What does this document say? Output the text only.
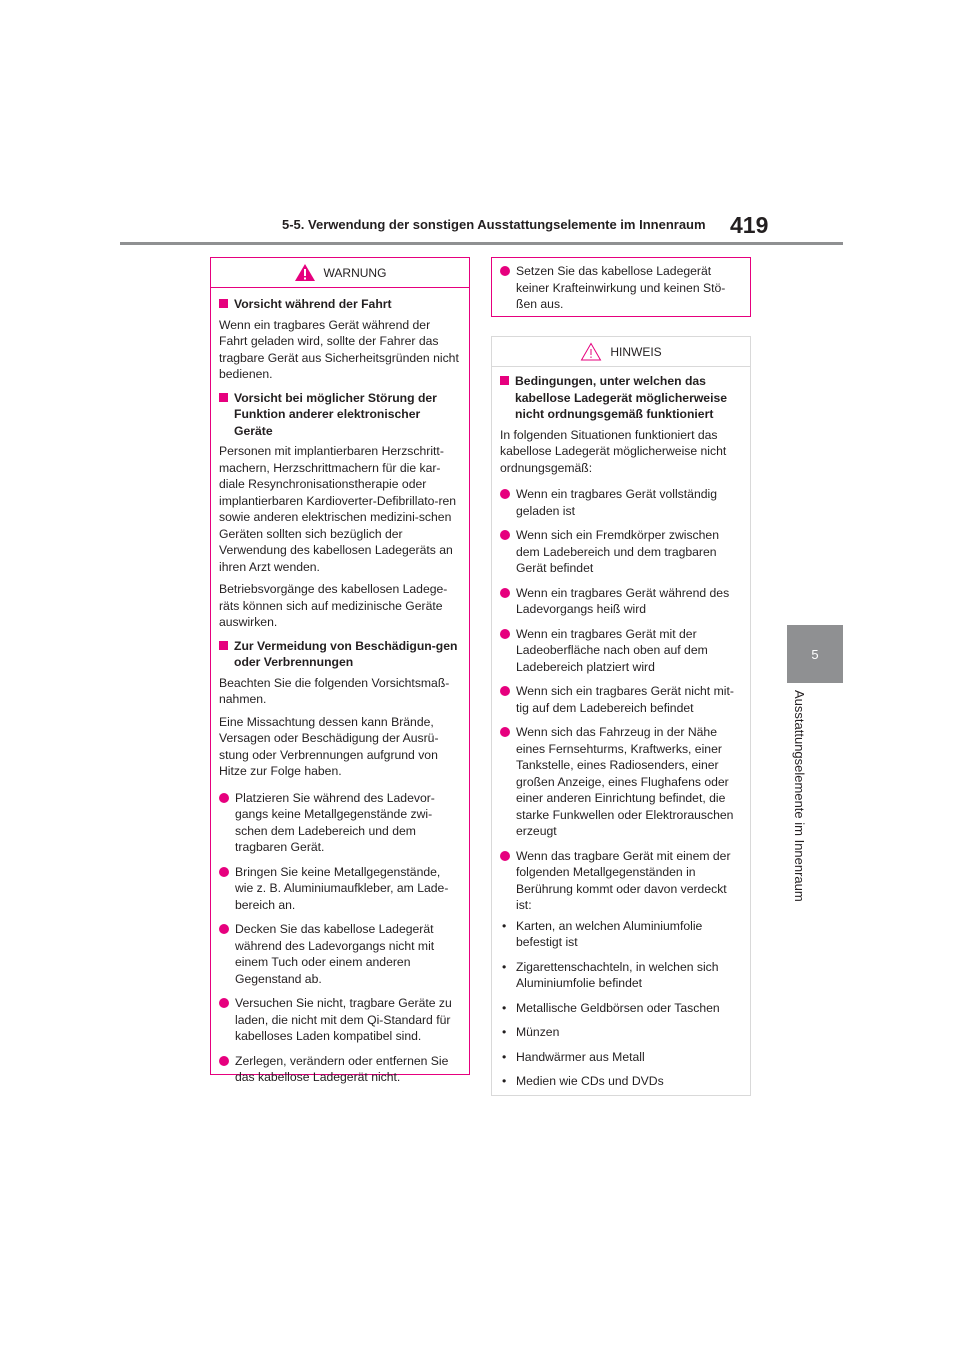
5-5. Verwendung der sonstigen Ausstattungselemente im Innenraum 419
5
Ausstattungselemente im Innenraum
WARNUNG
Vorsicht während der Fahrt
Wenn ein tragbares Gerät während der Fahrt geladen wird, sollte der Fahrer das tragbare Gerät aus Sicherheitsgründen nicht bedienen.
Vorsicht bei möglicher Störung der Funktion anderer elektronischer Geräte
Personen mit implantierbaren Herzschritt-machern, Herzschrittmachern für die kar-diale Resynchronisationstherapie oder implantierbaren Kardioverter-Defibrillato-ren sowie anderen elektrischen medizini-schen Geräten sollten sich bezüglich der Verwendung des kabellosen Ladegeräts an ihren Arzt wenden.
Betriebsvorgänge des kabellosen Ladege-räts können sich auf medizinische Geräte auswirken.
Zur Vermeidung von Beschädigun-gen oder Verbrennungen
Beachten Sie die folgenden Vorsichtsmaß-nahmen.
Eine Missachtung dessen kann Brände, Versagen oder Beschädigung der Ausrü-stung oder Verbrennungen aufgrund von Hitze zur Folge haben.
Platzieren Sie während des Ladevor-gangs keine Metallgegenstände zwi-schen dem Ladebereich und dem tragbaren Gerät.
Bringen Sie keine Metallgegenstände, wie z. B. Aluminiumaufkleber, am Lade-bereich an.
Decken Sie das kabellose Ladegerät während des Ladevorgangs nicht mit einem Tuch oder einem anderen Gegenstand ab.
Versuchen Sie nicht, tragbare Geräte zu laden, die nicht mit dem Qi-Standard für kabelloses Laden kompatibel sind.
Zerlegen, verändern oder entfernen Sie das kabellose Ladegerät nicht.
Setzen Sie das kabellose Ladegerät keiner Krafteinwirkung und keinen Stö-ßen aus.
HINWEIS
Bedingungen, unter welchen das kabellose Ladegerät möglicherweise nicht ordnungsgemäß funktioniert
In folgenden Situationen funktioniert das kabellose Ladegerät möglicherweise nicht ordnungsgemäß:
Wenn ein tragbares Gerät vollständig geladen ist
Wenn sich ein Fremdkörper zwischen dem Ladebereich und dem tragbaren Gerät befindet
Wenn ein tragbares Gerät während des Ladevorgangs heiß wird
Wenn ein tragbares Gerät mit der Ladeoberfläche nach oben auf dem Ladebereich platziert wird
Wenn sich ein tragbares Gerät nicht mit-tig auf dem Ladebereich befindet
Wenn sich das Fahrzeug in der Nähe eines Fernsehturms, Kraftwerks, einer Tankstelle, eines Radiosenders, einer großen Anzeige, eines Flughafens oder einer anderen Einrichtung befindet, die starke Funkwellen oder Elektrorauschen erzeugt
Wenn das tragbare Gerät mit einem der folgenden Metallgegenständen in Berührung kommt oder davon verdeckt ist:
• Karten, an welchen Aluminiumfolie befestigt ist
• Zigarettenschachteln, in welchen sich Aluminiumfolie befindet
• Metallische Geldbörsen oder Taschen
• Münzen
• Handwärmer aus Metall
• Medien wie CDs und DVDs
